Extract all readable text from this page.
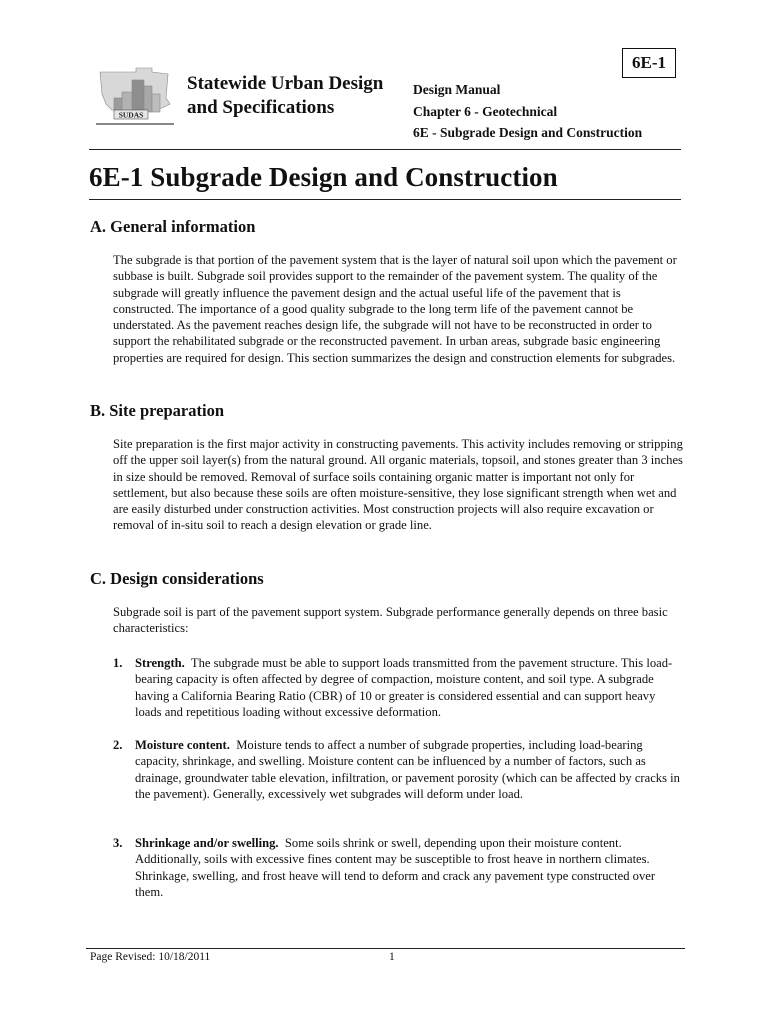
6E-1
SUDAS
Statewide Urban Design
and Specifications
Design Manual
Chapter 6 - Geotechnical
6E - Subgrade Design and Construction
6E-1 Subgrade Design and Construction
A. General information

The subgrade is that portion of the pavement system that is the layer of natural soil upon which the pavement or subbase is built. Subgrade soil provides support to the remainder of the pavement system. The quality of the subgrade will greatly influence the pavement design and the actual useful life of the pavement that is constructed. The importance of a good quality subgrade to the long term life of the pavement cannot be understated. As the pavement reaches design life, the subgrade will not have to be reconstructed in order to support the rehabilitated subgrade or the reconstructed pavement. In urban areas, subgrade basic engineering properties are required for design. This section summarizes the design and construction elements for subgrades.

B. Site preparation

Site preparation is the first major activity in constructing pavements. This activity includes removing or stripping off the upper soil layer(s) from the natural ground. All organic materials, topsoil, and stones greater than 3 inches in size should be removed. Removal of surface soils containing organic matter is important not only for settlement, but also because these soils are often moisture-sensitive, they lose significant strength when wet and are easily disturbed under construction activities. Most construction projects will also require excavation or removal of in-situ soil to reach a design elevation or grade line.

C. Design considerations

Subgrade soil is part of the pavement support system. Subgrade performance generally depends on three basic characteristics:

1. Strength. The subgrade must be able to support loads transmitted from the pavement structure. This load-bearing capacity is often affected by degree of compaction, moisture content, and soil type. A subgrade having a California Bearing Ratio (CBR) of 10 or greater is considered essential and can support heavy loads and repetitious loading without excessive deformation.

2. Moisture content. Moisture tends to affect a number of subgrade properties, including load-bearing capacity, shrinkage, and swelling. Moisture content can be influenced by a number of factors, such as drainage, groundwater table elevation, infiltration, or pavement porosity (which can be affected by cracks in the pavement). Generally, excessively wet subgrades will deform under load.

3. Shrinkage and/or swelling. Some soils shrink or swell, depending upon their moisture content. Additionally, soils with excessive fines content may be susceptible to frost heave in northern climates. Shrinkage, swelling, and frost heave will tend to deform and crack any pavement type constructed over them.

Page Revised: 10/18/2011	1
